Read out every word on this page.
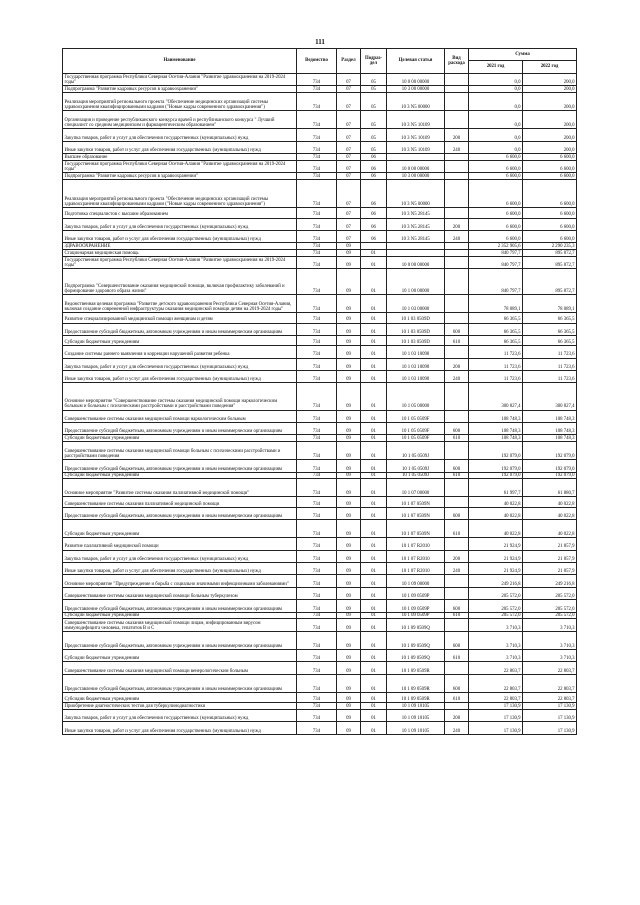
111
Наименование	Ведомство	Раздел	Подраз-дел	Целевая статья	Вид расхода	Сумма	
						2021 год	2022 год
Государственная программа Республики Северная Осетия-Алания "Развитие здравоохранения на 2019-2024 годы"	734	07	05	10 0 00 00000		0,0	200,0
Подпрограмма "Развитие кадровых ресурсов в здравоохранении"	734	07	05	10 3 00 00000		0,0	200,0
Реализация мероприятий регионального проекта "Обеспечение медицинских организаций системы здравоохранения квалифицированными кадрами ("Новые кадры современного здравоохранения")	734	07	05	10 3 N5 00000		0,0	200,0
Организация и проведение республиканского конкурса врачей и республиканского конкурса " Лучший специалист со средним медицинским и фармацевтическим образованием"	734	07	05	10 3 N5 10109		0,0	200,0
Закупка товаров, работ и услуг для обеспечения государственных (муниципальных) нужд	734	07	05	10 3 N5 10109	200	0,0	200,0
Иные закупки товаров, работ и услуг для обеспечения государственных (муниципальных) нужд	734	07	05	10 3 N5 10109	240	0,0	200,0
Высшее образование	734	07	06			6 600,0	6 600,0
Государственная программа Республики Северная Осетия-Алания "Развитие здравоохранения на 2019-2024 годы"	734	07	06	10 0 00 00000		6 600,0	6 600,0
Подпрограмма "Развитие кадровых ресурсов в здравоохранении"	734	07	06	10 3 00 00000		6 600,0	6 600,0
Реализация мероприятий регионального проекта "Обеспечение медицинских организаций системы здравоохранения квалифицированными кадрами ("Новые кадры современного здравоохранения")	734	07	06	10 3 N5 00000		6 600,0	6 600,0
Подготовка специалистов с высшим образованием	734	07	06	10 3 N5 28145		6 600,0	6 600,0
Закупка товаров, работ и услуг для обеспечения государственных (муниципальных) нужд	734	07	06	10 3 N5 28145	200	6 600,0	6 600,0
Иные закупки товаров, работ и услуг для обеспечения государственных (муниципальных) нужд	734	07	06	10 3 N5 28145	240	6 600,0	6 600,0
ЗДРАВООХРАНЕНИЕ	734	09				2 352 905,6	2 290 235,3
Стационарная медицинская помощь	734	09	01			840 797,7	895 872,7
Государственная программа Республики Северная Осетия-Алания "Развитие здравоохранения на 2019-2024 годы"	734	09	01	10 0 00 00000		840 797,7	895 872,7
Подпрограмма "Совершенствование оказания медицинской помощи, включая профилактику заболеваний и формирование здорового образа жизни"	734	09	01	10 1 00 00000		840 797,7	895 872,7
Ведомственная целевая программа "Развитие детского здравоохранения Республики Северная Осетия-Алания, включая создание современной инфраструктуры оказания медицинской помощи детям на 2019-2024 годы"	734	09	01	10 1 03 00000		78 089,1	78 089,1
Развитие специализированной медицинской помощи женщинам и детям	734	09	01	10 1 03 0509D		66 365,5	66 365,5
Предоставление субсидий бюджетным, автономным учреждениям и иным некоммерческим организациям	734	09	01	10 1 03 0509D	600	66 365,5	66 365,5
Субсидии бюджетным учреждениям	734	09	01	10 1 03 0509D	610	66 365,5	66 365,5
Создание системы раннего выявления и коррекции нарушений развития ребенка	734	09	01	10 1 03 10098		11 723,6	11 723,6
Закупка товаров, работ и услуг для обеспечения государственных (муниципальных) нужд	734	09	01	10 1 03 10098	200	11 723,6	11 723,6
Иные закупки товаров, работ и услуг для обеспечения государственных (муниципальных) нужд	734	09	01	10 1 03 10098	240	11 723,6	11 723,6
Основное мероприятие "Совершенствование системы оказания медицинской помощи наркологическим больным и больным с психическими расстройствами и расстройствами поведения"	734	09	01	10 1 05 00000		300 827,4	300 827,4
Совершенствование системы оказания медицинской помощи наркологическим больным	734	09	01	10 1 05 0509F		108 748,3	108 748,3
Предоставление субсидий бюджетным, автономным учреждениям и иным некоммерческим организациям	734	09	01	10 1 05 0509F	600	108 748,3	108 748,3
Субсидии бюджетным учреждениям	734	09	01	10 1 05 0509F	610	108 748,3	108 748,3
Совершенствование системы оказания медицинской помощи больным с психическими расстройствами и расстройствами поведения	734	09	01	10 1 05 0509J		192 079,0	192 079,0
Предоставление субсидий бюджетным, автономным учреждениям и иным некоммерческим организациям	734	09	01	10 1 05 0509J	600	192 079,0	192 079,0
Субсидии бюджетным учреждениям	734	09	01	10 1 05 0509J	610	192 079,0	192 079,0
Основное мероприятие "Развитие системы оказания паллиативной медицинской помощи"	734	09	01	10 1 07 00000		61 997,7	61 880,7
Совершенствование системы оказания паллиативной медицинской помощи	734	09	01	10 1 07 0509N		40 022,8	40 022,8
Предоставление субсидий бюджетным, автономным учреждениям и иным некоммерческим организациям	734	09	01	10 1 07 0509N	600	40 022,8	40 022,8
Субсидии бюджетным учреждениям	734	09	01	10 1 07 0509N	610	40 022,8	40 022,8
Развитие паллиативной медицинской помощи	734	09	01	10 1 07 R2010		21 924,9	21 857,9
Закупка товаров, работ и услуг для обеспечения государственных (муниципальных) нужд	734	09	01	10 1 07 R2010	200	21 924,9	21 857,9
Иные закупки товаров, работ и услуг для обеспечения государственных (муниципальных) нужд	734	09	01	10 1 07 R2010	240	21 924,9	21 857,9
Основное мероприятие "Предупреждение и борьба с социально значимыми инфекционными заболеваниями"	734	09	01	10 1 09 00000		249 216,8	249 216,8
Совершенствование системы оказания медицинской помощи больным туберкулезом	734	09	01	10 1 09 0509P		205 572,0	205 572,0
Предоставление субсидий бюджетным, автономным учреждениям и иным некоммерческим организациям	734	09	01	10 1 09 0509P	600	205 572,0	205 572,0
Субсидии бюджетным учреждениям	734	09	01	10 1 09 0509P	610	205 572,0	205 572,0
Совершенствование системы оказания медицинской помощи лицам, инфицированным вирусом иммунодефицита человека, гепатитов В и С	734	09	01	10 1 09 0509Q		3 710,3	3 710,3
Предоставление субсидий бюджетным, автономным учреждениям и иным некоммерческим организациям	734	09	01	10 1 09 0509Q	600	3 710,3	3 710,3
Субсидии бюджетным учреждениям	734	09	01	10 1 09 0509Q	610	3 710,3	3 710,3
Совершенствование системы оказания медицинской помощи венерологическим больным	734	09	01	10 1 09 0509R		22 803,7	22 803,7
Предоставление субсидий бюджетным, автономным учреждениям и иным некоммерческим организациям	734	09	01	10 1 09 0509R	600	22 803,7	22 803,7
Субсидии бюджетным учреждениям	734	09	01	10 1 09 0509R	610	22 803,7	22 803,7
Приобретение диагностических тестов для туберкулинодиагностики	734	09	01	10 1 09 10105		17 130,9	17 130,9
Закупка товаров, работ и услуг для обеспечения государственных (муниципальных) нужд	734	09	01	10 1 09 10105	200	17 130,9	17 130,9
Иные закупки товаров, работ и услуг для обеспечения государственных (муниципальных) нужд	734	09	01	10 1 09 10105	240	17 130,9	17 130,9
